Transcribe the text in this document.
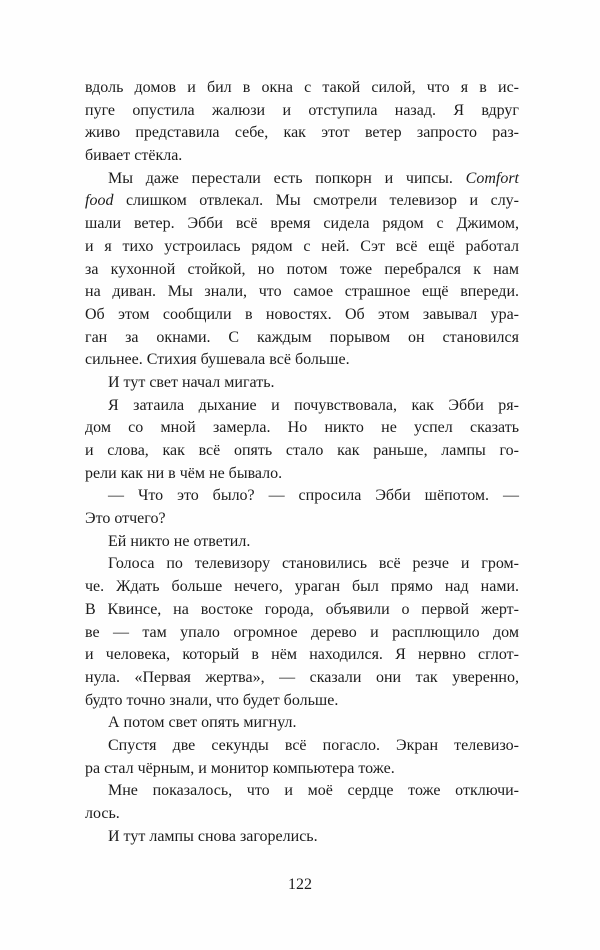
вдоль домов и бил в окна с такой силой, что я в ис-
пуге опустила жалюзи и отступила назад. Я вдруг
живо представила себе, как этот ветер запросто раз-
бивает стёкла.
Мы даже перестали есть попкорн и чипсы. Comfort
food слишком отвлекал. Мы смотрели телевизор и слу-
шали ветер. Эбби всё время сидела рядом с Джимом,
и я тихо устроилась рядом с ней. Сэт всё ещё работал
за кухонной стойкой, но потом тоже перебрался к нам
на диван. Мы знали, что самое страшное ещё впереди.
Об этом сообщили в новостях. Об этом завывал ура-
ган за окнами. С каждым порывом он становился
сильнее. Стихия бушевала всё больше.
И тут свет начал мигать.
Я затаила дыхание и почувствовала, как Эбби ря-
дом со мной замерла. Но никто не успел сказать
и слова, как всё опять стало как раньше, лампы го-
рели как ни в чём не бывало.
— Что это было? — спросила Эбби шёпотом. —
Это отчего?
Ей никто не ответил.
Голоса по телевизору становились всё резче и гром-
че. Ждать больше нечего, ураган был прямо над нами.
В Квинсе, на востоке города, объявили о первой жерт-
ве — там упало огромное дерево и расплющило дом
и человека, который в нём находился. Я нервно сглот-
нула. «Первая жертва», — сказали они так уверенно,
будто точно знали, что будет больше.
А потом свет опять мигнул.
Спустя две секунды всё погасло. Экран телевизо-
ра стал чёрным, и монитор компьютера тоже.
Мне показалось, что и моё сердце тоже отключи-
лось.
И тут лампы снова загорелись.
122
